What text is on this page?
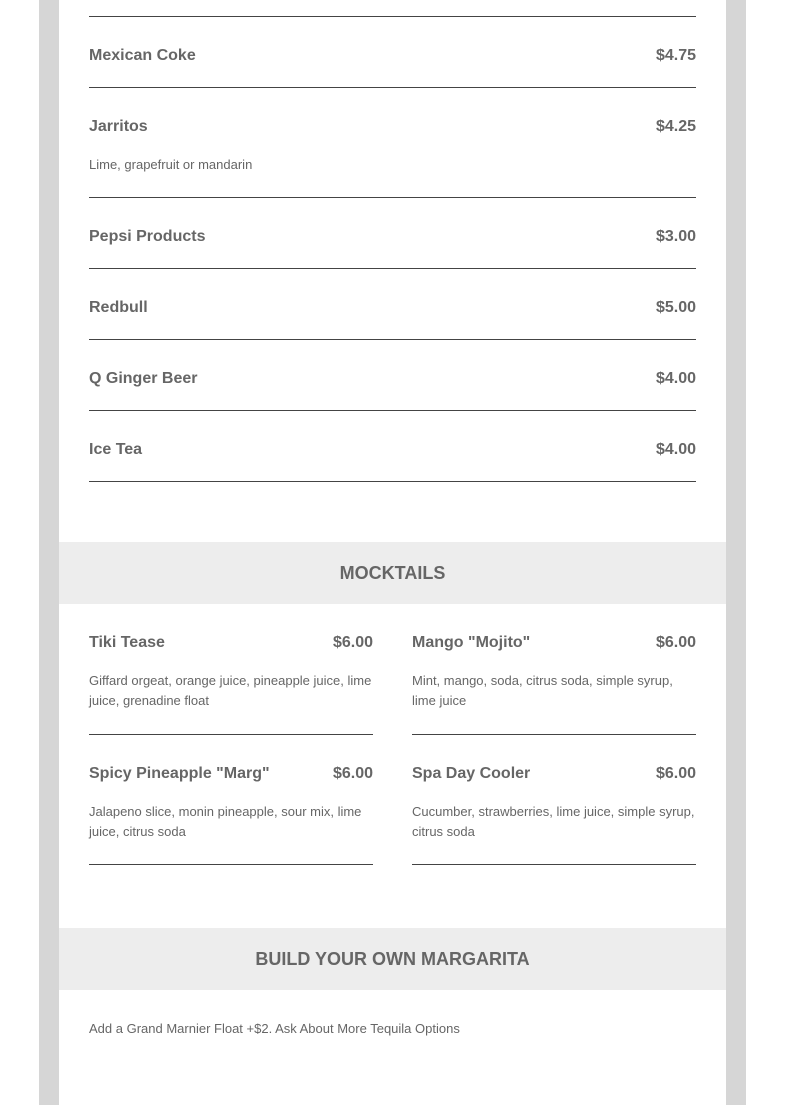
Mexican Coke	$4.75
Jarritos	$4.25
Lime, grapefruit or mandarin
Pepsi Products	$3.00
Redbull	$5.00
Q Ginger Beer	$4.00
Ice Tea	$4.00
MOCKTAILS
Tiki Tease	$6.00
Giffard orgeat, orange juice, pineapple juice, lime juice, grenadine float
Mango "Mojito"	$6.00
Mint, mango, soda, citrus soda, simple syrup, lime juice
Spicy Pineapple "Marg"	$6.00
Jalapeno slice, monin pineapple, sour mix, lime juice, citrus soda
Spa Day Cooler	$6.00
Cucumber, strawberries, lime juice, simple syrup, citrus soda
BUILD YOUR OWN MARGARITA
Add a Grand Marnier Float +$2. Ask About More Tequila Options
